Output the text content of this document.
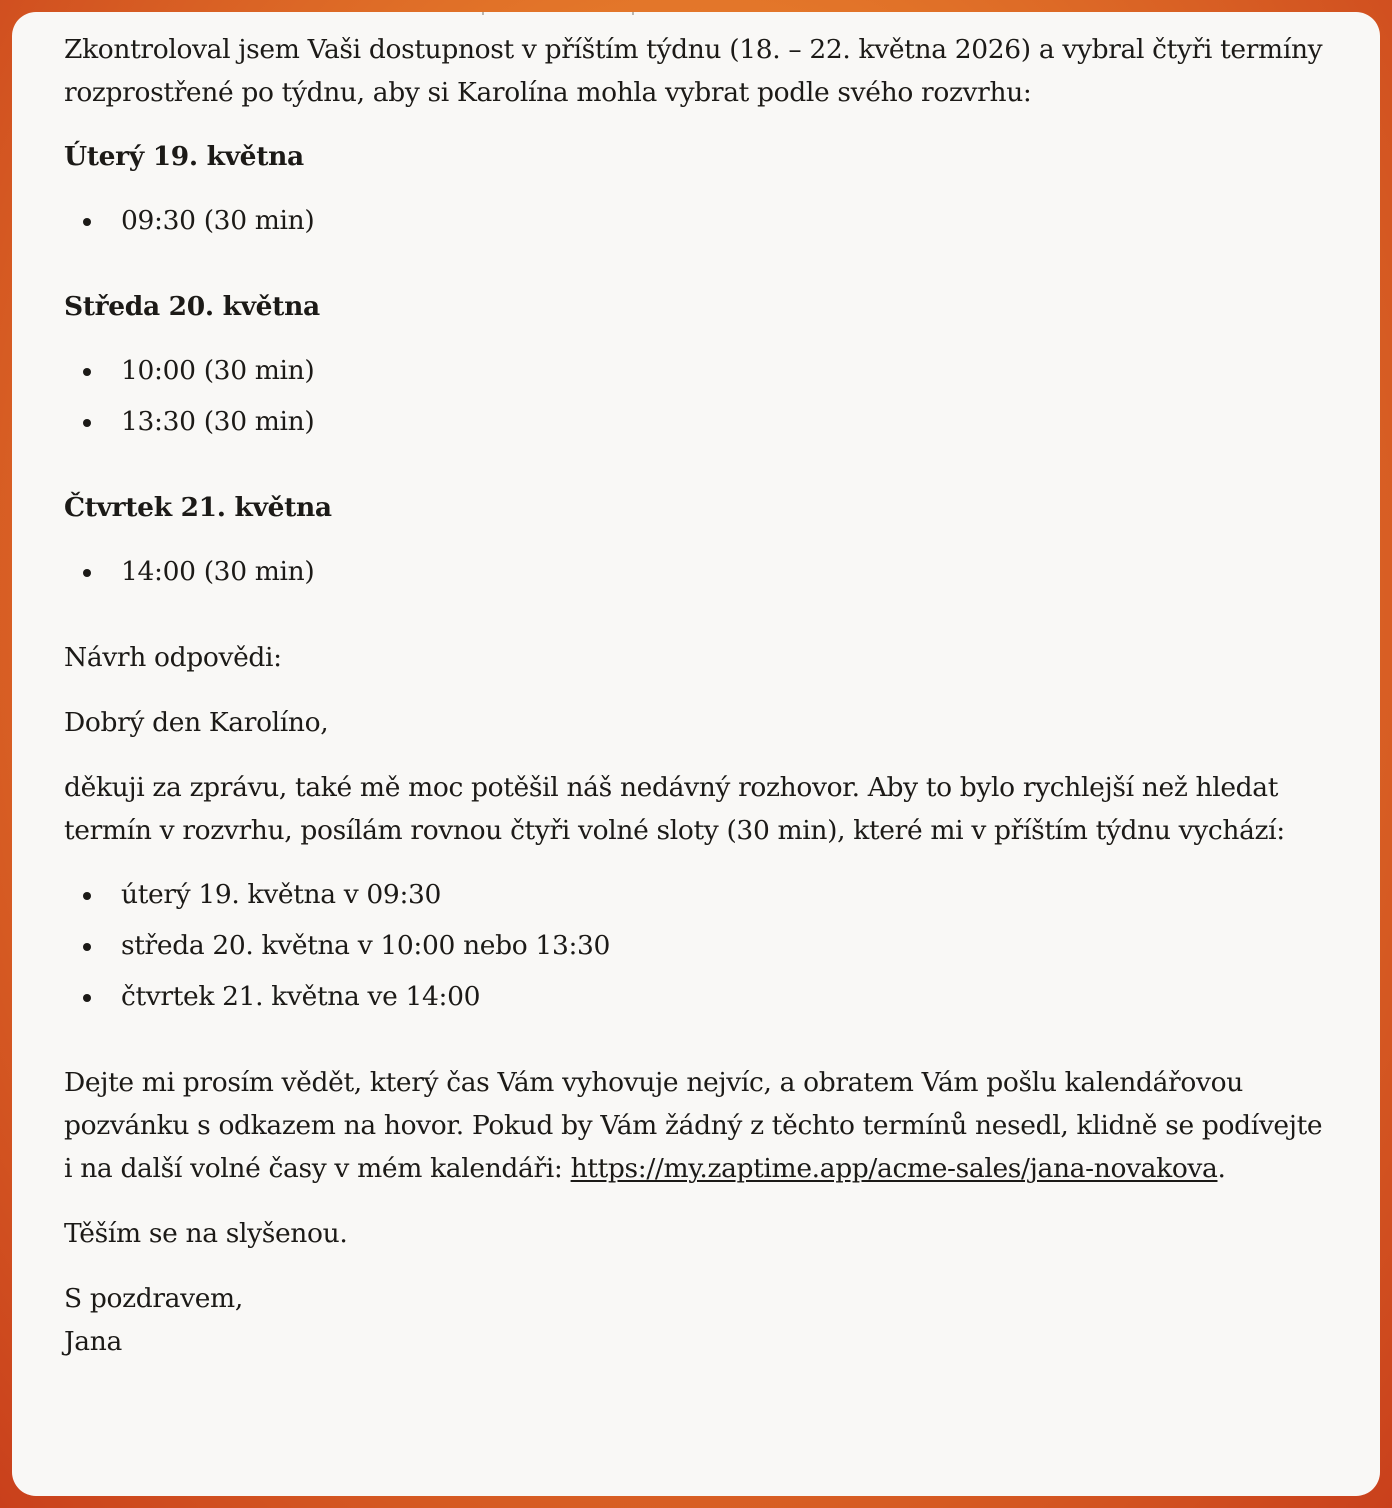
Zkontroloval jsem Vaši dostupnost v příštím týdnu (18. – 22. května 2026) a vybral čtyři termíny rozprostřené po týdnu, aby si Karolína mohla vybrat podle svého rozvrhu:

Úterý 19. května

09:30 (30 min)

Středa 20. května

10:00 (30 min)
13:30 (30 min)

Čtvrtek 21. května

14:00 (30 min)

Návrh odpovědi:

Dobrý den Karolíno,

děkuji za zprávu, také mě moc potěšil náš nedávný rozhovor. Aby to bylo rychlejší než hledat termín v rozvrhu, posílám rovnou čtyři volné sloty (30 min), které mi v příštím týdnu vychází:

úterý 19. května v 09:30
středa 20. května v 10:00 nebo 13:30
čtvrtek 21. května ve 14:00

Dejte mi prosím vědět, který čas Vám vyhovuje nejvíc, a obratem Vám pošlu kalendářovou pozvánku s odkazem na hovor. Pokud by Vám žádný z těchto termínů nesedl, klidně se podívejte i na další volné časy v mém kalendáři: https://my.zaptime.app/acme-sales/jana-novakova.

Těším se na slyšenou.

S pozdravem,

Jana
